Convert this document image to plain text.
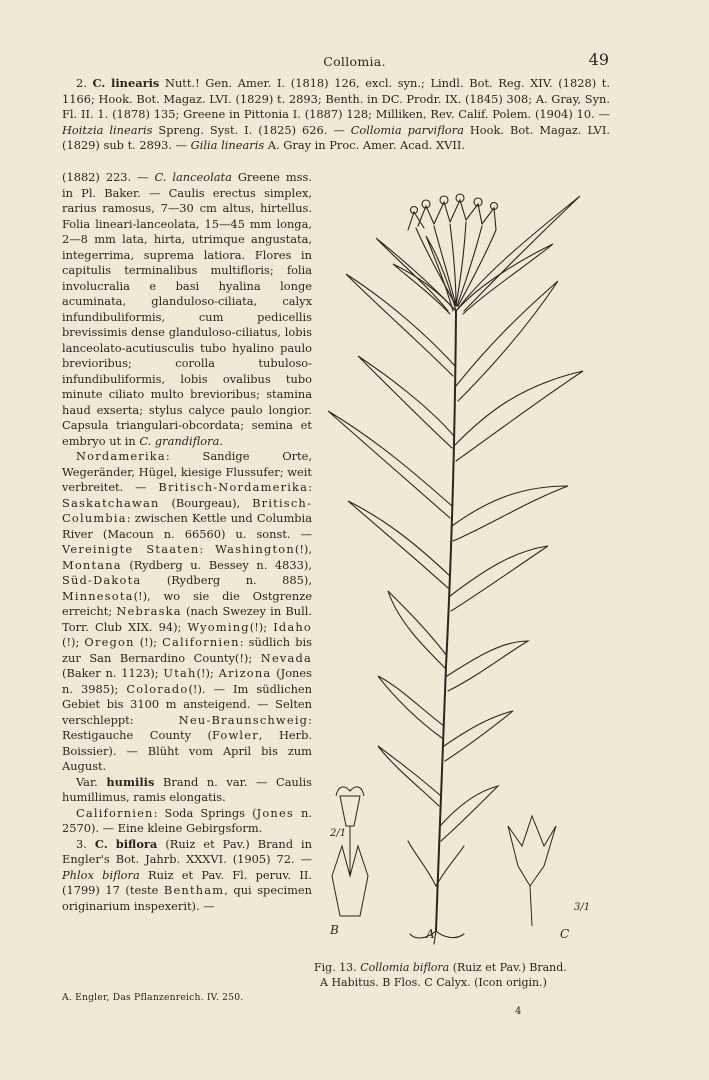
Collomia.	49

2. C. linearis Nutt.! Gen. Amer. I. (1818) 126, excl. syn.; Lindl. Bot. Reg. XIV. (1828) t. 1166; Hook. Bot. Magaz. LVI. (1829) t. 2893; Benth. in DC. Prodr. IX. (1845) 308; A. Gray, Syn. Fl. II. 1. (1878) 135; Greene in Pittonia I. (1887) 128; Milliken, Rev. Calif. Polem. (1904) 10. — Hoitzia linearis Spreng. Syst. I. (1825) 626. — Collomia parviflora Hook. Bot. Magaz. LVI. (1829) sub t. 2893. — Gilia linearis A. Gray in Proc. Amer. Acad. XVII.

(1882) 223. — C. lanceolata Greene mss. in Pl. Baker. — Caulis erectus simplex, rarius ramosus, 7—30 cm altus, hirtellus. Folia lineari-lanceolata, 15—45 mm longa, 2—8 mm lata, hirta, utrimque angustata, integerrima, suprema latiora. Flores in capitulis terminalibus multifloris; folia involucralia e basi hyalina longe acuminata, glanduloso-ciliata, calyx infundibuliformis, cum pedicellis brevissimis dense glanduloso-ciliatus, lobis lanceolato-acutiusculis tubo hyalino paulo brevioribus; corolla tubuloso-infundibuliformis, lobis ovalibus tubo minute ciliato multo brevioribus; stamina haud exserta; stylus calyce paulo longior. Capsula triangulari-obcordata; semina et embryo ut in C. grandiflora.

Nordamerika: Sandige Orte, Wegeränder, Hügel, kiesige Flussufer; weit verbreitet. — Britisch-Nordamerika: Saskatchawan (Bourgeau), Britisch-Columbia: zwischen Kettle und Columbia River (Macoun n. 66560) u. sonst. — Vereinigte Staaten: Washington(!), Montana (Rydberg u. Bessey n. 4833), Süd-Dakota (Rydberg n. 885), Minnesota(!), wo sie die Ostgrenze erreicht; Nebraska (nach Swezey in Bull. Torr. Club XIX. 94); Wyoming(!); Idaho (!); Oregon (!); Californien: südlich bis zur San Bernardino County(!); Nevada (Baker n. 1123); Utah(!); Arizona (Jones n. 3985); Colorado(!). — Im südlichen Gebiet bis 3100 m ansteigend. — Selten verschleppt: Neu-Braunschweig: Restigauche County (Fowler, Herb. Boissier). — Blüht vom April bis zum August.

Var. humilis Brand n. var. — Caulis humillimus, ramis elongatis.

Californien: Soda Springs (Jones n. 2570). — Eine kleine Gebirgsform.

3. C. biflora (Ruiz et Pav.) Brand in Engler's Bot. Jahrb. XXXVI. (1905) 72. — Phlox biflora Ruiz et Pav. Fl. peruv. II. (1799) 17 (teste Bentham, qui specimen originarium inspexerit). —

2/1
B	A
3/1
C

Fig. 13. Collomia biflora (Ruiz et Pav.) Brand.

A Habitus. B Flos. C Calyx. (Icon origin.)

A. Engler, Das Pflanzenreich. IV. 250.
4
